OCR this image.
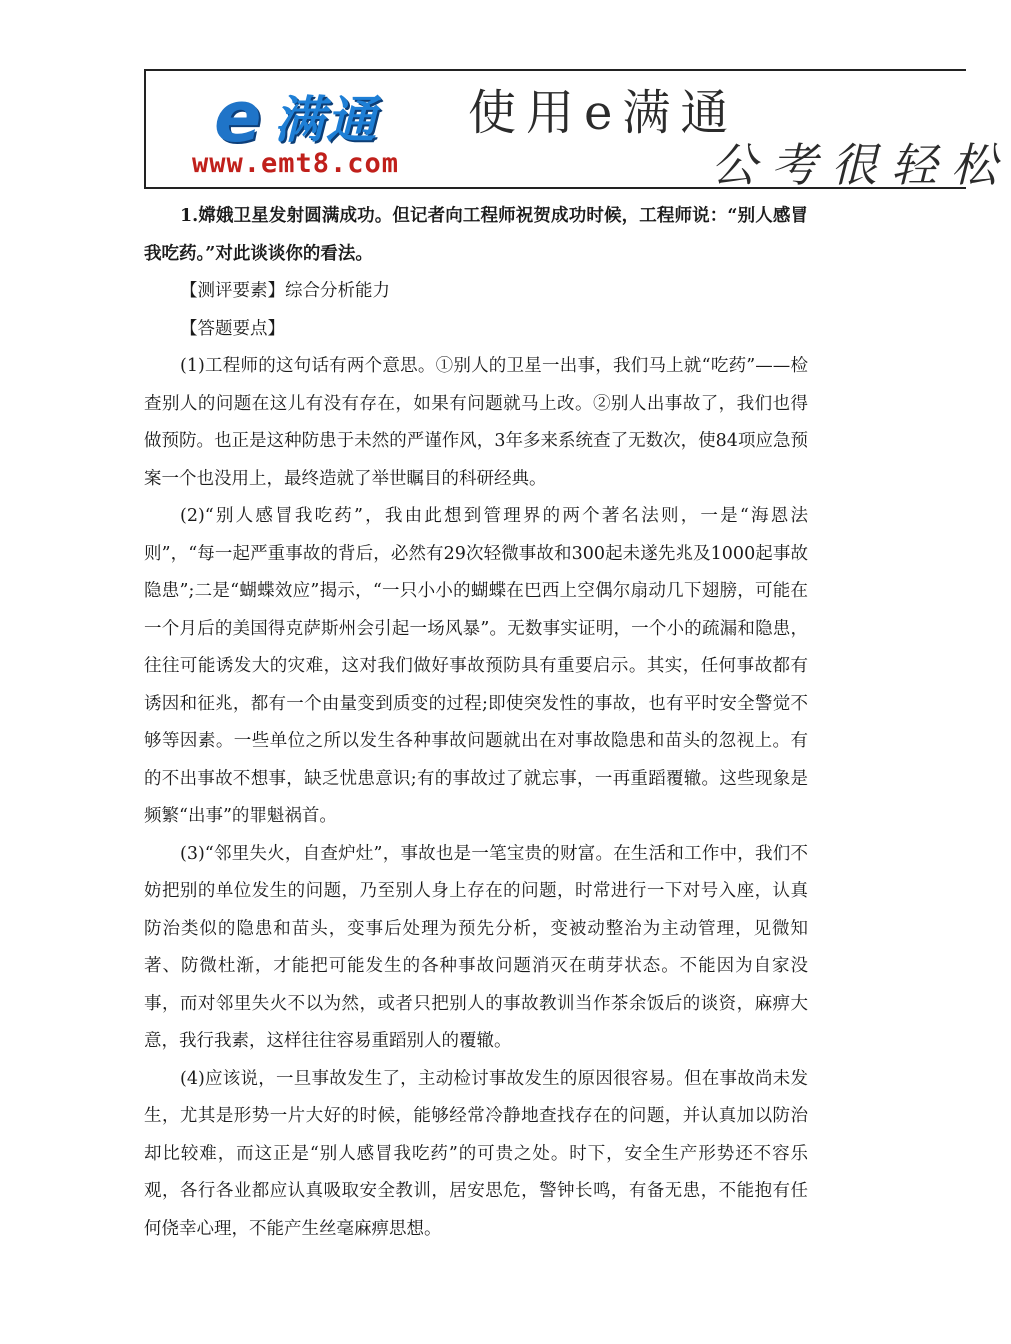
e 满通
www.emt8.com
使用e满通
公考很轻松

1.嫦娥卫星发射圆满成功。但记者向工程师祝贺成功时候，工程师说：“别人感冒我吃药。”对此谈谈你的看法。

【测评要素】综合分析能力

【答题要点】

(1)工程师的这句话有两个意思。①别人的卫星一出事，我们马上就“吃药”——检查别人的问题在这儿有没有存在，如果有问题就马上改。②别人出事故了，我们也得做预防。也正是这种防患于未然的严谨作风，3年多来系统查了无数次，使84项应急预案一个也没用上，最终造就了举世瞩目的科研经典。

(2)“别人感冒我吃药”，我由此想到管理界的两个著名法则，一是“海恩法则”，“每一起严重事故的背后，必然有29次轻微事故和300起未遂先兆及1000起事故隐患”;二是“蝴蝶效应”揭示，“一只小小的蝴蝶在巴西上空偶尔扇动几下翅膀，可能在一个月后的美国得克萨斯州会引起一场风暴”。无数事实证明，一个小的疏漏和隐患，往往可能诱发大的灾难，这对我们做好事故预防具有重要启示。其实，任何事故都有诱因和征兆，都有一个由量变到质变的过程;即使突发性的事故，也有平时安全警觉不够等因素。一些单位之所以发生各种事故问题就出在对事故隐患和苗头的忽视上。有的不出事故不想事，缺乏忧患意识;有的事故过了就忘事，一再重蹈覆辙。这些现象是频繁“出事”的罪魁祸首。

(3)“邻里失火，自查炉灶”，事故也是一笔宝贵的财富。在生活和工作中，我们不妨把别的单位发生的问题，乃至别人身上存在的问题，时常进行一下对号入座，认真防治类似的隐患和苗头，变事后处理为预先分析，变被动整治为主动管理，见微知著、防微杜渐，才能把可能发生的各种事故问题消灭在萌芽状态。不能因为自家没事，而对邻里失火不以为然，或者只把别人的事故教训当作茶余饭后的谈资，麻痹大意，我行我素，这样往往容易重蹈别人的覆辙。

(4)应该说，一旦事故发生了，主动检讨事故发生的原因很容易。但在事故尚未发生，尤其是形势一片大好的时候，能够经常冷静地查找存在的问题，并认真加以防治却比较难，而这正是“别人感冒我吃药”的可贵之处。时下，安全生产形势还不容乐观，各行各业都应认真吸取安全教训，居安思危，警钟长鸣，有备无患，不能抱有任何侥幸心理，不能产生丝毫麻痹思想。
